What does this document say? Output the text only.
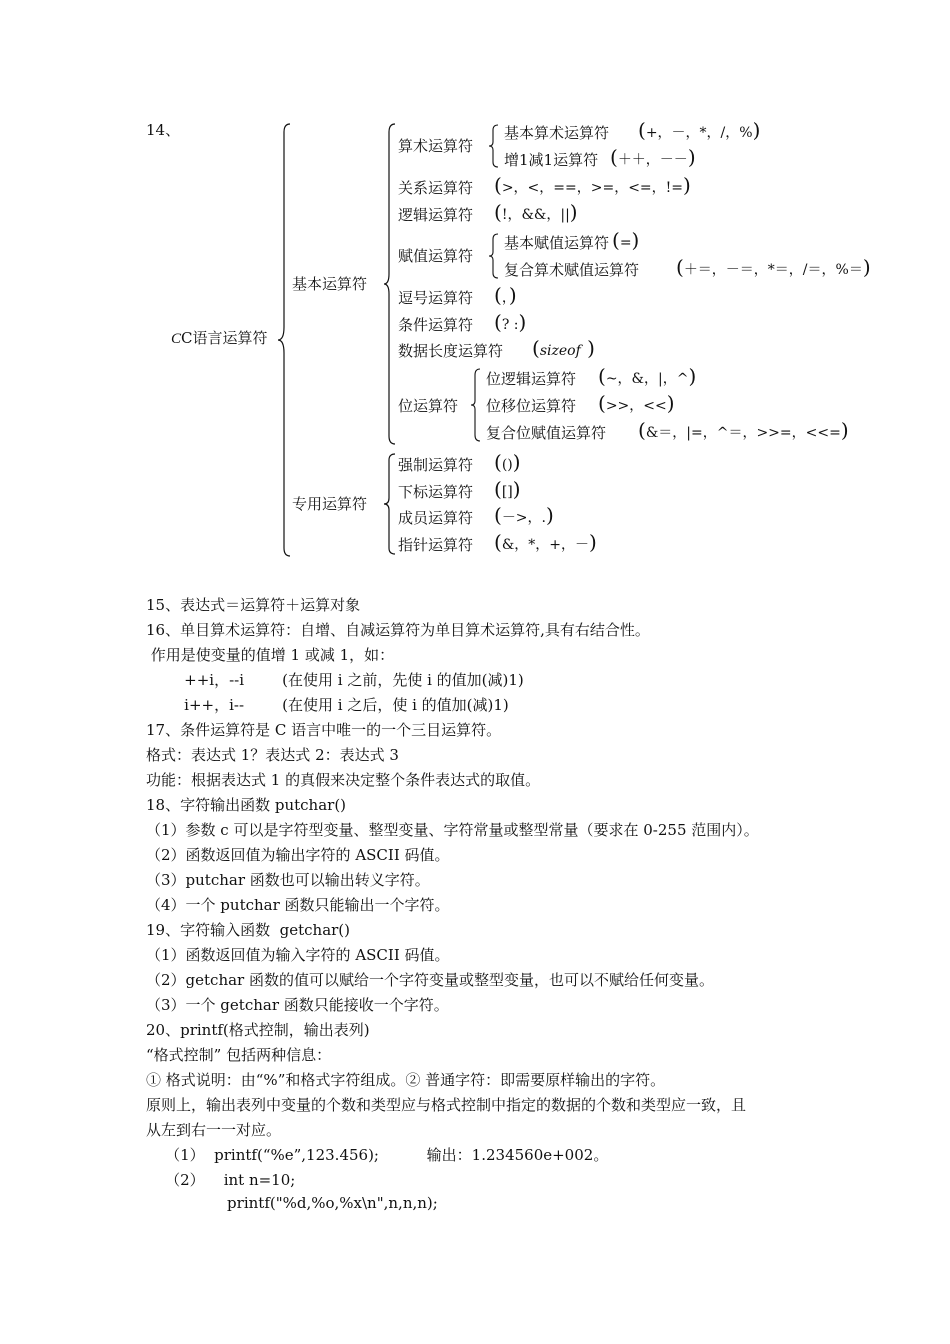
14、
CC语言运算符
基本运算符
专用运算符
算术运算符
基本算术运算符 (+，－，*，/，%)
增1减1运算符 (＋＋，－－)
关系运算符 (>，<，==，>=，<=，!=)
逻辑运算符 (!，&&，||)
赋值运算符
基本赋值运算符 (=)
复合算术赋值运算符 (＋＝，－＝，*＝，/＝，%＝)
逗号运算符 (，)
条件运算符 (? :)
数据长度运算符 (sizeof )
位运算符
位逻辑运算符 (~，&，|，^)
位移位运算符 (>>，<<)
复合位赋值运算符 (&＝，|=，^＝，>>=，<<=)
强制运算符 (())
下标运算符 ([])
成员运算符 (－>，.)
指针运算符 (&，*，+，－)
15、表达式＝运算符＋运算对象
16、单目算术运算符：自增、自减运算符为单目算术运算符,具有右结合性。
作用是使变量的值增 1 或减 1，如：
++i，--i        (在使用 i 之前，先使 i 的值加(减)1)
i++，i--        (在使用 i 之后，使 i 的值加(减)1)
17、条件运算符是 C 语言中唯一的一个三目运算符。
格式：表达式 1？表达式 2：表达式 3
功能：根据表达式 1 的真假来决定整个条件表达式的取值。
18、字符输出函数 putchar()
（1）参数 c 可以是字符型变量、整型变量、字符常量或整型常量（要求在 0-255 范围内）。
（2）函数返回值为输出字符的 ASCII 码值。
（3）putchar 函数也可以输出转义字符。
（4）一个 putchar 函数只能输出一个字符。
19、字符输入函数  getchar()
（1）函数返回值为输入字符的 ASCII 码值。
（2）getchar 函数的值可以赋给一个字符变量或整型变量，也可以不赋给任何变量。
（3）一个 getchar 函数只能接收一个字符。
20、printf(格式控制，输出表列)
“格式控制” 包括两种信息：
① 格式说明：由“%”和格式字符组成。② 普通字符：即需要原样输出的字符。
原则上，输出表列中变量的个数和类型应与格式控制中指定的数据的个数和类型应一致，且
从左到右一一对应。
（1）  printf(“%e”,123.456);          输出：1.234560e+002。
（2）    int n=10;
printf("%d,%o,%x\n",n,n,n);
